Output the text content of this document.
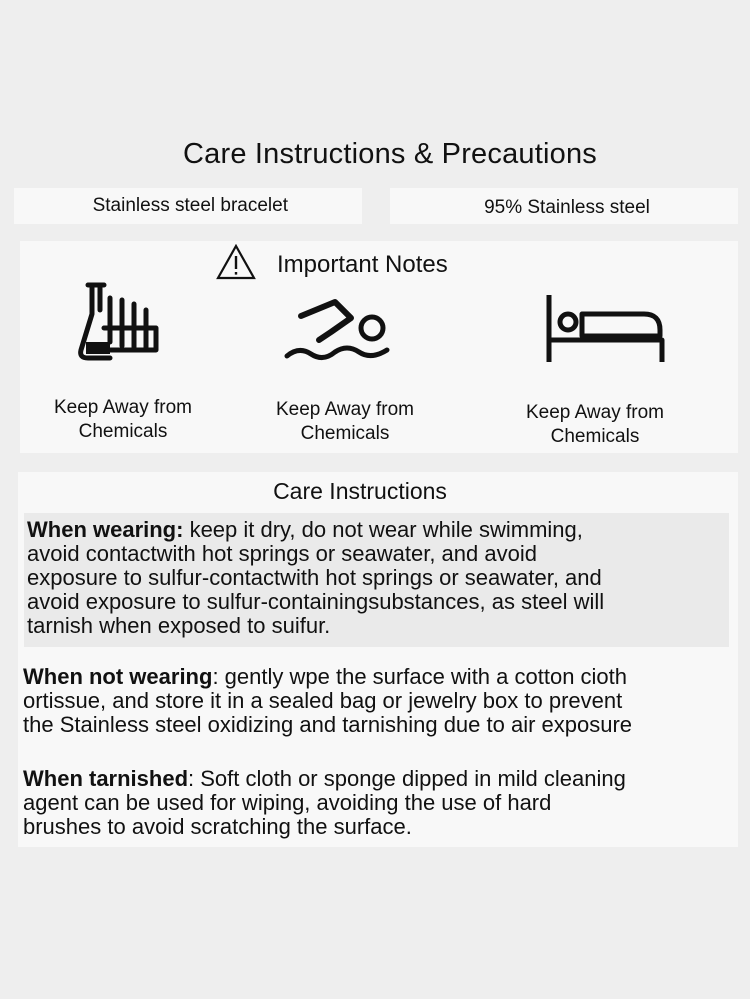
Care Instructions & Precautions
Stainless steel bracelet	95% Stainless steel
Important Notes
Keep Away from
Chemicals
Keep Away from
Chemicals
Keep Away from
Chemicals
Care Instructions
When wearing: keep it dry, do not wear while swimming,
avoid contactwith hot springs or seawater, and avoid
exposure to sulfur-contactwith hot springs or seawater, and
avoid exposure to sulfur-containingsubstances, as steel will
tarnish when exposed to suifur.
When not wearing: gently wpe the surface with a cotton cioth
ortissue, and store it in a sealed bag or jewelry box to prevent
the Stainless steel oxidizing and tarnishing due to air exposure
When tarnished: Soft cloth or sponge dipped in mild cleaning
agent can be used for wiping, avoiding the use of hard
brushes to avoid scratching the surface.
